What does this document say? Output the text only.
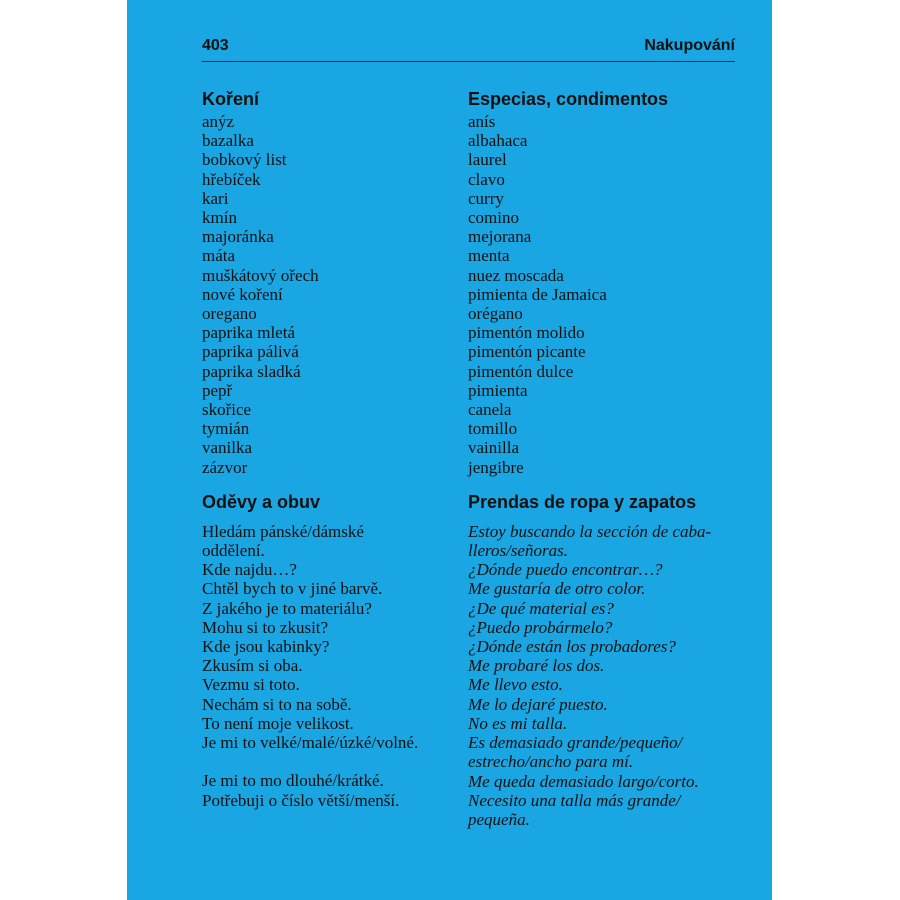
403	Nakupování
Koření
anýz
bazalka
bobkový list
hřebíček
kari
kmín
majoránka
máta
muškátový ořech
nové koření
oregano
paprika mletá
paprika pálivá
paprika sladká
pepř
skořice
tymián
vanilka
zázvor
Oděvy a obuv
Hledám pánské/dámské
oddělení.
Kde najdu…?
Chtěl bych to v jiné barvě.
Z jakého je to materiálu?
Mohu si to zkusit?
Kde jsou kabinky?
Zkusím si oba.
Vezmu si toto.
Nechám si to na sobě.
To není moje velikost.
Je mi to velké/malé/úzké/volné.
Je mi to mo dlouhé/krátké.
Potřebuji o číslo větší/menší.
Especias, condimentos
anís
albahaca
laurel
clavo
curry
comino
mejorana
menta
nuez moscada
pimienta de Jamaica
orégano
pimentón molido
pimentón picante
pimentón dulce
pimienta
canela
tomillo
vainilla
jengibre
Prendas de ropa y zapatos
Estoy buscando la sección de caba-
lleros/señoras.
¿Dónde puedo encontrar…?
Me gustaría de otro color.
¿De qué material es?
¿Puedo probármelo?
¿Dónde están los probadores?
Me probaré los dos.
Me llevo esto.
Me lo dejaré puesto.
No es mi talla.
Es demasiado grande/pequeño/
estrecho/ancho para mí.
Me queda demasiado largo/corto.
Necesito una talla más grande/
pequeña.
